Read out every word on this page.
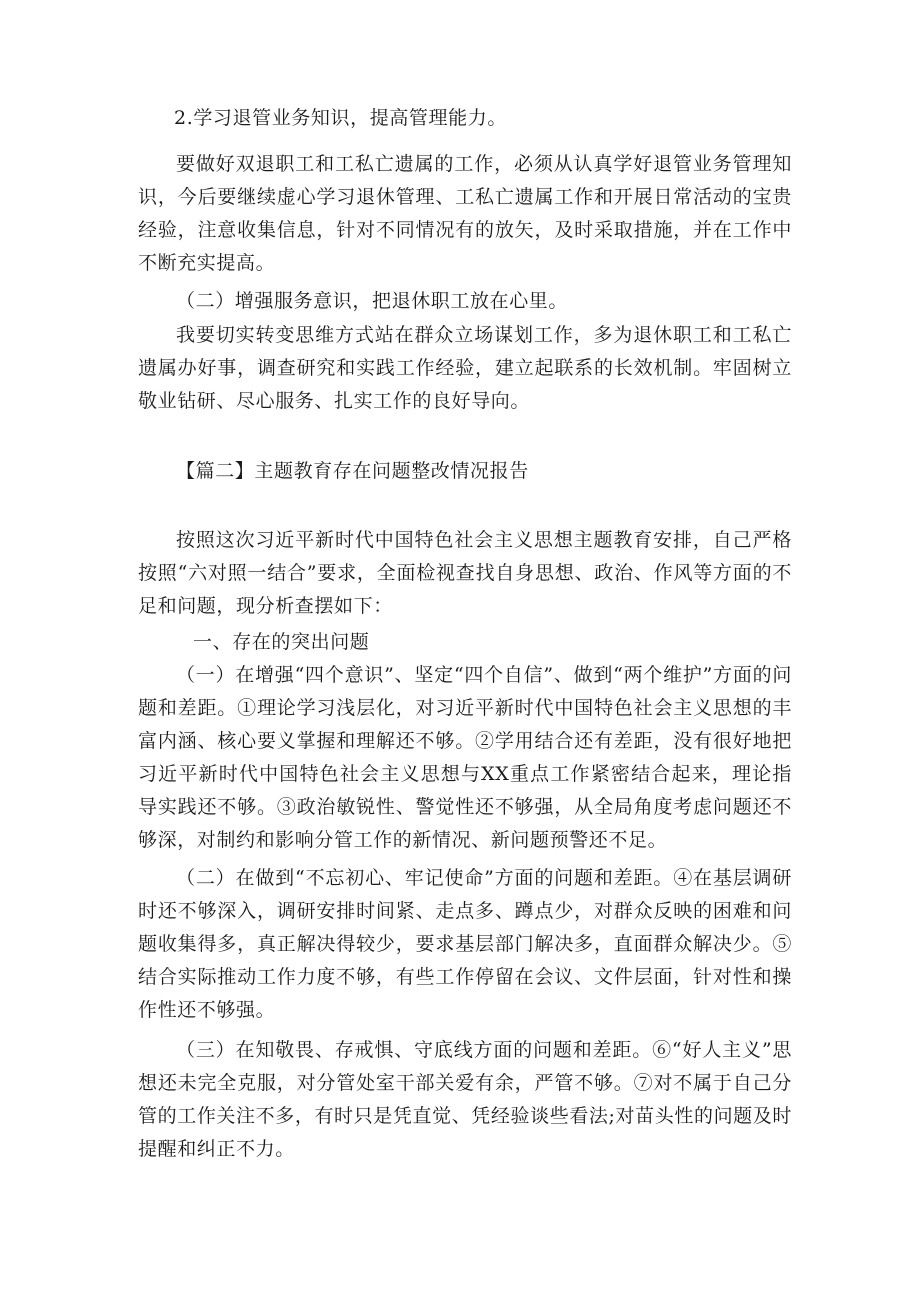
2.学习退管业务知识，提高管理能力。

要做好双退职工和工私亡遗属的工作，必须从认真学好退管业务管理知识，今后要继续虚心学习退休管理、工私亡遗属工作和开展日常活动的宝贵经验，注意收集信息，针对不同情况有的放矢，及时采取措施，并在工作中不断充实提高。

（二）增强服务意识，把退休职工放在心里。

我要切实转变思维方式站在群众立场谋划工作，多为退休职工和工私亡遗属办好事，调查研究和实践工作经验，建立起联系的长效机制。牢固树立敬业钻研、尽心服务、扎实工作的良好导向。

【篇二】主题教育存在问题整改情况报告

按照这次习近平新时代中国特色社会主义思想主题教育安排，自己严格按照“六对照一结合”要求，全面检视查找自身思想、政治、作风等方面的不足和问题，现分析查摆如下：

一、存在的突出问题

（一）在增强“四个意识”、坚定“四个自信”、做到“两个维护”方面的问题和差距。①理论学习浅层化，对习近平新时代中国特色社会主义思想的丰富内涵、核心要义掌握和理解还不够。②学用结合还有差距，没有很好地把习近平新时代中国特色社会主义思想与XX重点工作紧密结合起来，理论指导实践还不够。③政治敏锐性、警觉性还不够强，从全局角度考虑问题还不够深，对制约和影响分管工作的新情况、新问题预警还不足。

（二）在做到“不忘初心、牢记使命”方面的问题和差距。④在基层调研时还不够深入，调研安排时间紧、走点多、蹲点少，对群众反映的困难和问题收集得多，真正解决得较少，要求基层部门解决多，直面群众解决少。⑤结合实际推动工作力度不够，有些工作停留在会议、文件层面，针对性和操作性还不够强。

（三）在知敬畏、存戒惧、守底线方面的问题和差距。⑥“好人主义”思想还未完全克服，对分管处室干部关爱有余，严管不够。⑦对不属于自己分管的工作关注不多，有时只是凭直觉、凭经验谈些看法;对苗头性的问题及时提醒和纠正不力。
